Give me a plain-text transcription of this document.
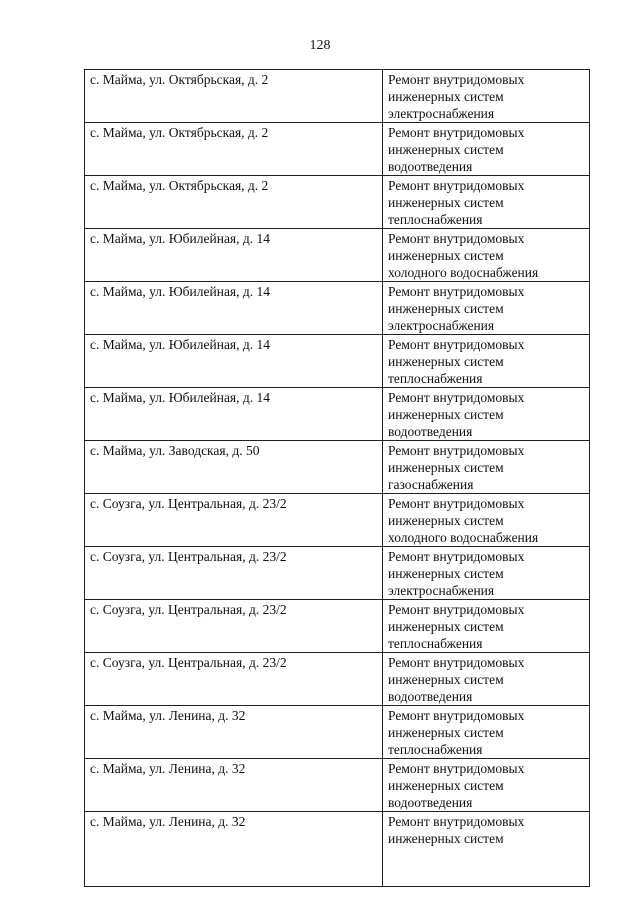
128
с. Майма, ул. Октябрьская, д. 2	Ремонт внутридомовых
инженерных систем
электроснабжения

с. Майма, ул. Октябрьская, д. 2	Ремонт внутридомовых
инженерных систем
водоотведения

с. Майма, ул. Октябрьская, д. 2	Ремонт внутридомовых
инженерных систем
теплоснабжения

с. Майма, ул. Юбилейная, д. 14	Ремонт внутридомовых
инженерных систем
холодного водоснабжения

с. Майма, ул. Юбилейная, д. 14	Ремонт внутридомовых
инженерных систем
электроснабжения

с. Майма, ул. Юбилейная, д. 14	Ремонт внутридомовых
инженерных систем
теплоснабжения

с. Майма, ул. Юбилейная, д. 14	Ремонт внутридомовых
инженерных систем
водоотведения

с. Майма, ул. Заводская, д. 50	Ремонт внутридомовых
инженерных систем
газоснабжения

с. Соузга, ул. Центральная, д. 23/2	Ремонт внутридомовых
инженерных систем
холодного водоснабжения

с. Соузга, ул. Центральная, д. 23/2	Ремонт внутридомовых
инженерных систем
электроснабжения

с. Соузга, ул. Центральная, д. 23/2	Ремонт внутридомовых
инженерных систем
теплоснабжения

с. Соузга, ул. Центральная, д. 23/2	Ремонт внутридомовых
инженерных систем
водоотведения

с. Майма, ул. Ленина, д. 32	Ремонт внутридомовых
инженерных систем
теплоснабжения

с. Майма, ул. Ленина, д. 32	Ремонт внутридомовых
инженерных систем
водоотведения

с. Майма, ул. Ленина, д. 32	Ремонт внутридомовых
инженерных систем
